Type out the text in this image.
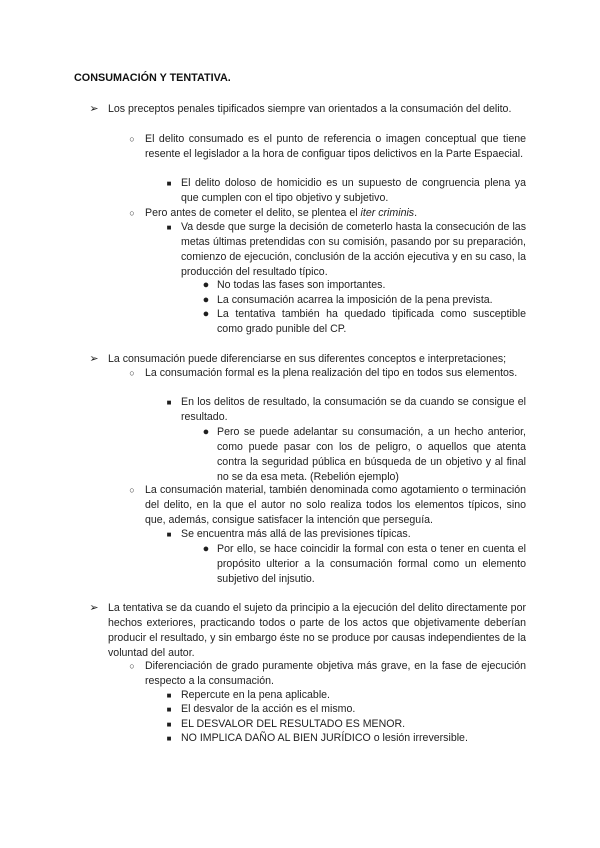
CONSUMACIÓN Y TENTATIVA.
➢ Los preceptos penales tipificados siempre van orientados a la consumación del delito.
○ El delito consumado es el punto de referencia o imagen conceptual que tiene resente el legislador a la hora de configuar tipos delictivos en la Parte Espaecial.
■ El delito doloso de homicidio es un supuesto de congruencia plena ya que cumplen con el tipo objetivo y subjetivo.
○ Pero antes de cometer el delito, se plentea el iter criminis.
■ Va desde que surge la decisión de cometerlo hasta la consecución de las metas últimas pretendidas con su comisión, pasando por su preparación, comienzo de ejecución, conclusión de la acción ejecutiva y en su caso, la producción del resultado típico.
● No todas las fases son importantes.
● La consumación acarrea la imposición de la pena prevista.
● La tentativa también ha quedado tipificada como susceptible como grado punible del CP.
➢ La consumación puede diferenciarse en sus diferentes conceptos e interpretaciones;
○ La consumación formal es la plena realización del tipo en todos sus elementos.
■ En los delitos de resultado, la consumación se da cuando se consigue el resultado.
● Pero se puede adelantar su consumación, a un hecho anterior, como puede pasar con los de peligro, o aquellos que atenta contra la seguridad pública en búsqueda de un objetivo y al final no se da esa meta. (Rebelión ejemplo)
○ La consumación material, también denominada como agotamiento o terminación del delito, en la que el autor no solo realiza todos los elementos típicos, sino que, además, consigue satisfacer la intención que perseguía.
■ Se encuentra más allá de las previsiones típicas.
● Por ello, se hace coincidir la formal con esta o tener en cuenta el propósito ulterior a la consumación formal como un elemento subjetivo del injsutio.
➢ La tentativa se da cuando el sujeto da principio a la ejecución del delito directamente por hechos exteriores, practicando todos o parte de los actos que objetivamente deberían producir el resultado, y sin embargo éste no se produce por causas independientes de la voluntad del autor.
○ Diferenciación de grado puramente objetiva más grave, en la fase de ejecución respecto a la consumación.
■ Repercute en la pena aplicable.
■ El desvalor de la acción es el mismo.
■ EL DESVALOR DEL RESULTADO ES MENOR.
■ NO IMPLICA DAÑO AL BIEN JURÍDICO o lesión irreversible.
